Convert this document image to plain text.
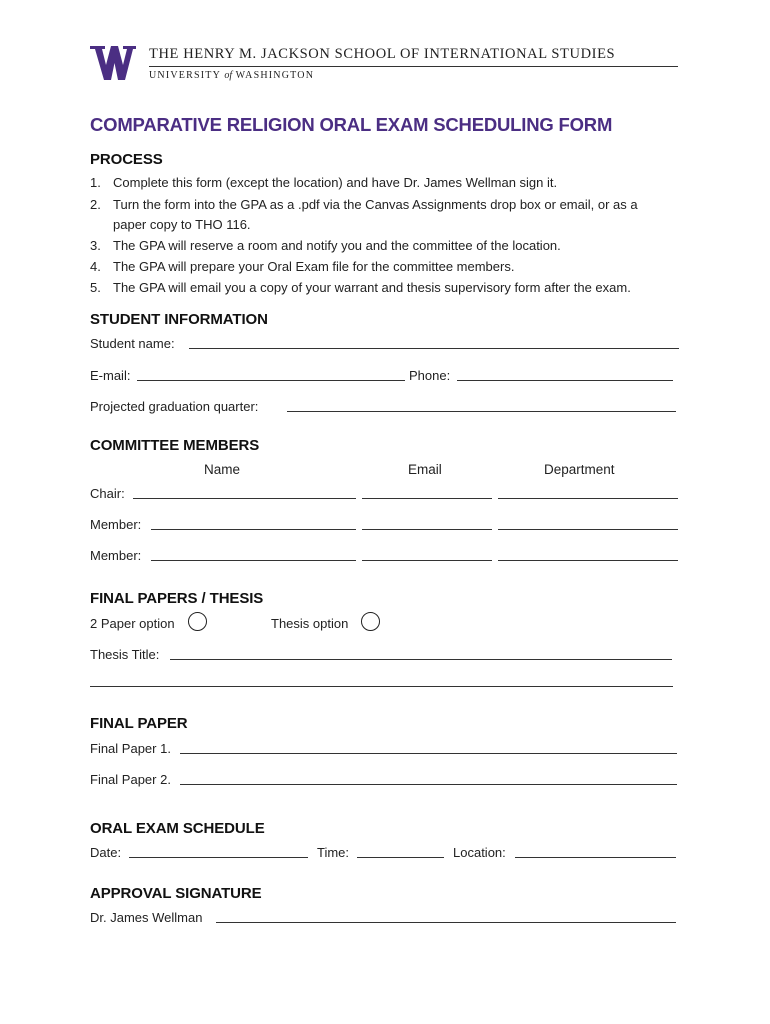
THE HENRY M. JACKSON SCHOOL OF INTERNATIONAL STUDIES
UNIVERSITY of WASHINGTON
COMPARATIVE RELIGION ORAL EXAM SCHEDULING FORM
PROCESS
1. Complete this form (except the location) and have Dr. James Wellman sign it.
2. Turn the form into the GPA as a .pdf via the Canvas Assignments drop box or email, or as a
paper copy to THO 116.
3. The GPA will reserve a room and notify you and the committee of the location.
4. The GPA will prepare your Oral Exam file for the committee members.
5. The GPA will email you a copy of your warrant and thesis supervisory form after the exam.
STUDENT INFORMATION
Student name:
E-mail:	Phone:
Projected graduation quarter:
COMMITTEE MEMBERS
Name	Email	Department
Chair:
Member:
Member:
FINAL PAPERS / THESIS
2 Paper option	Thesis option
Thesis Title:
FINAL PAPER
Final Paper 1.
Final Paper 2.
ORAL EXAM SCHEDULE
Date:	Time:	Location:
APPROVAL SIGNATURE
Dr. James Wellman
